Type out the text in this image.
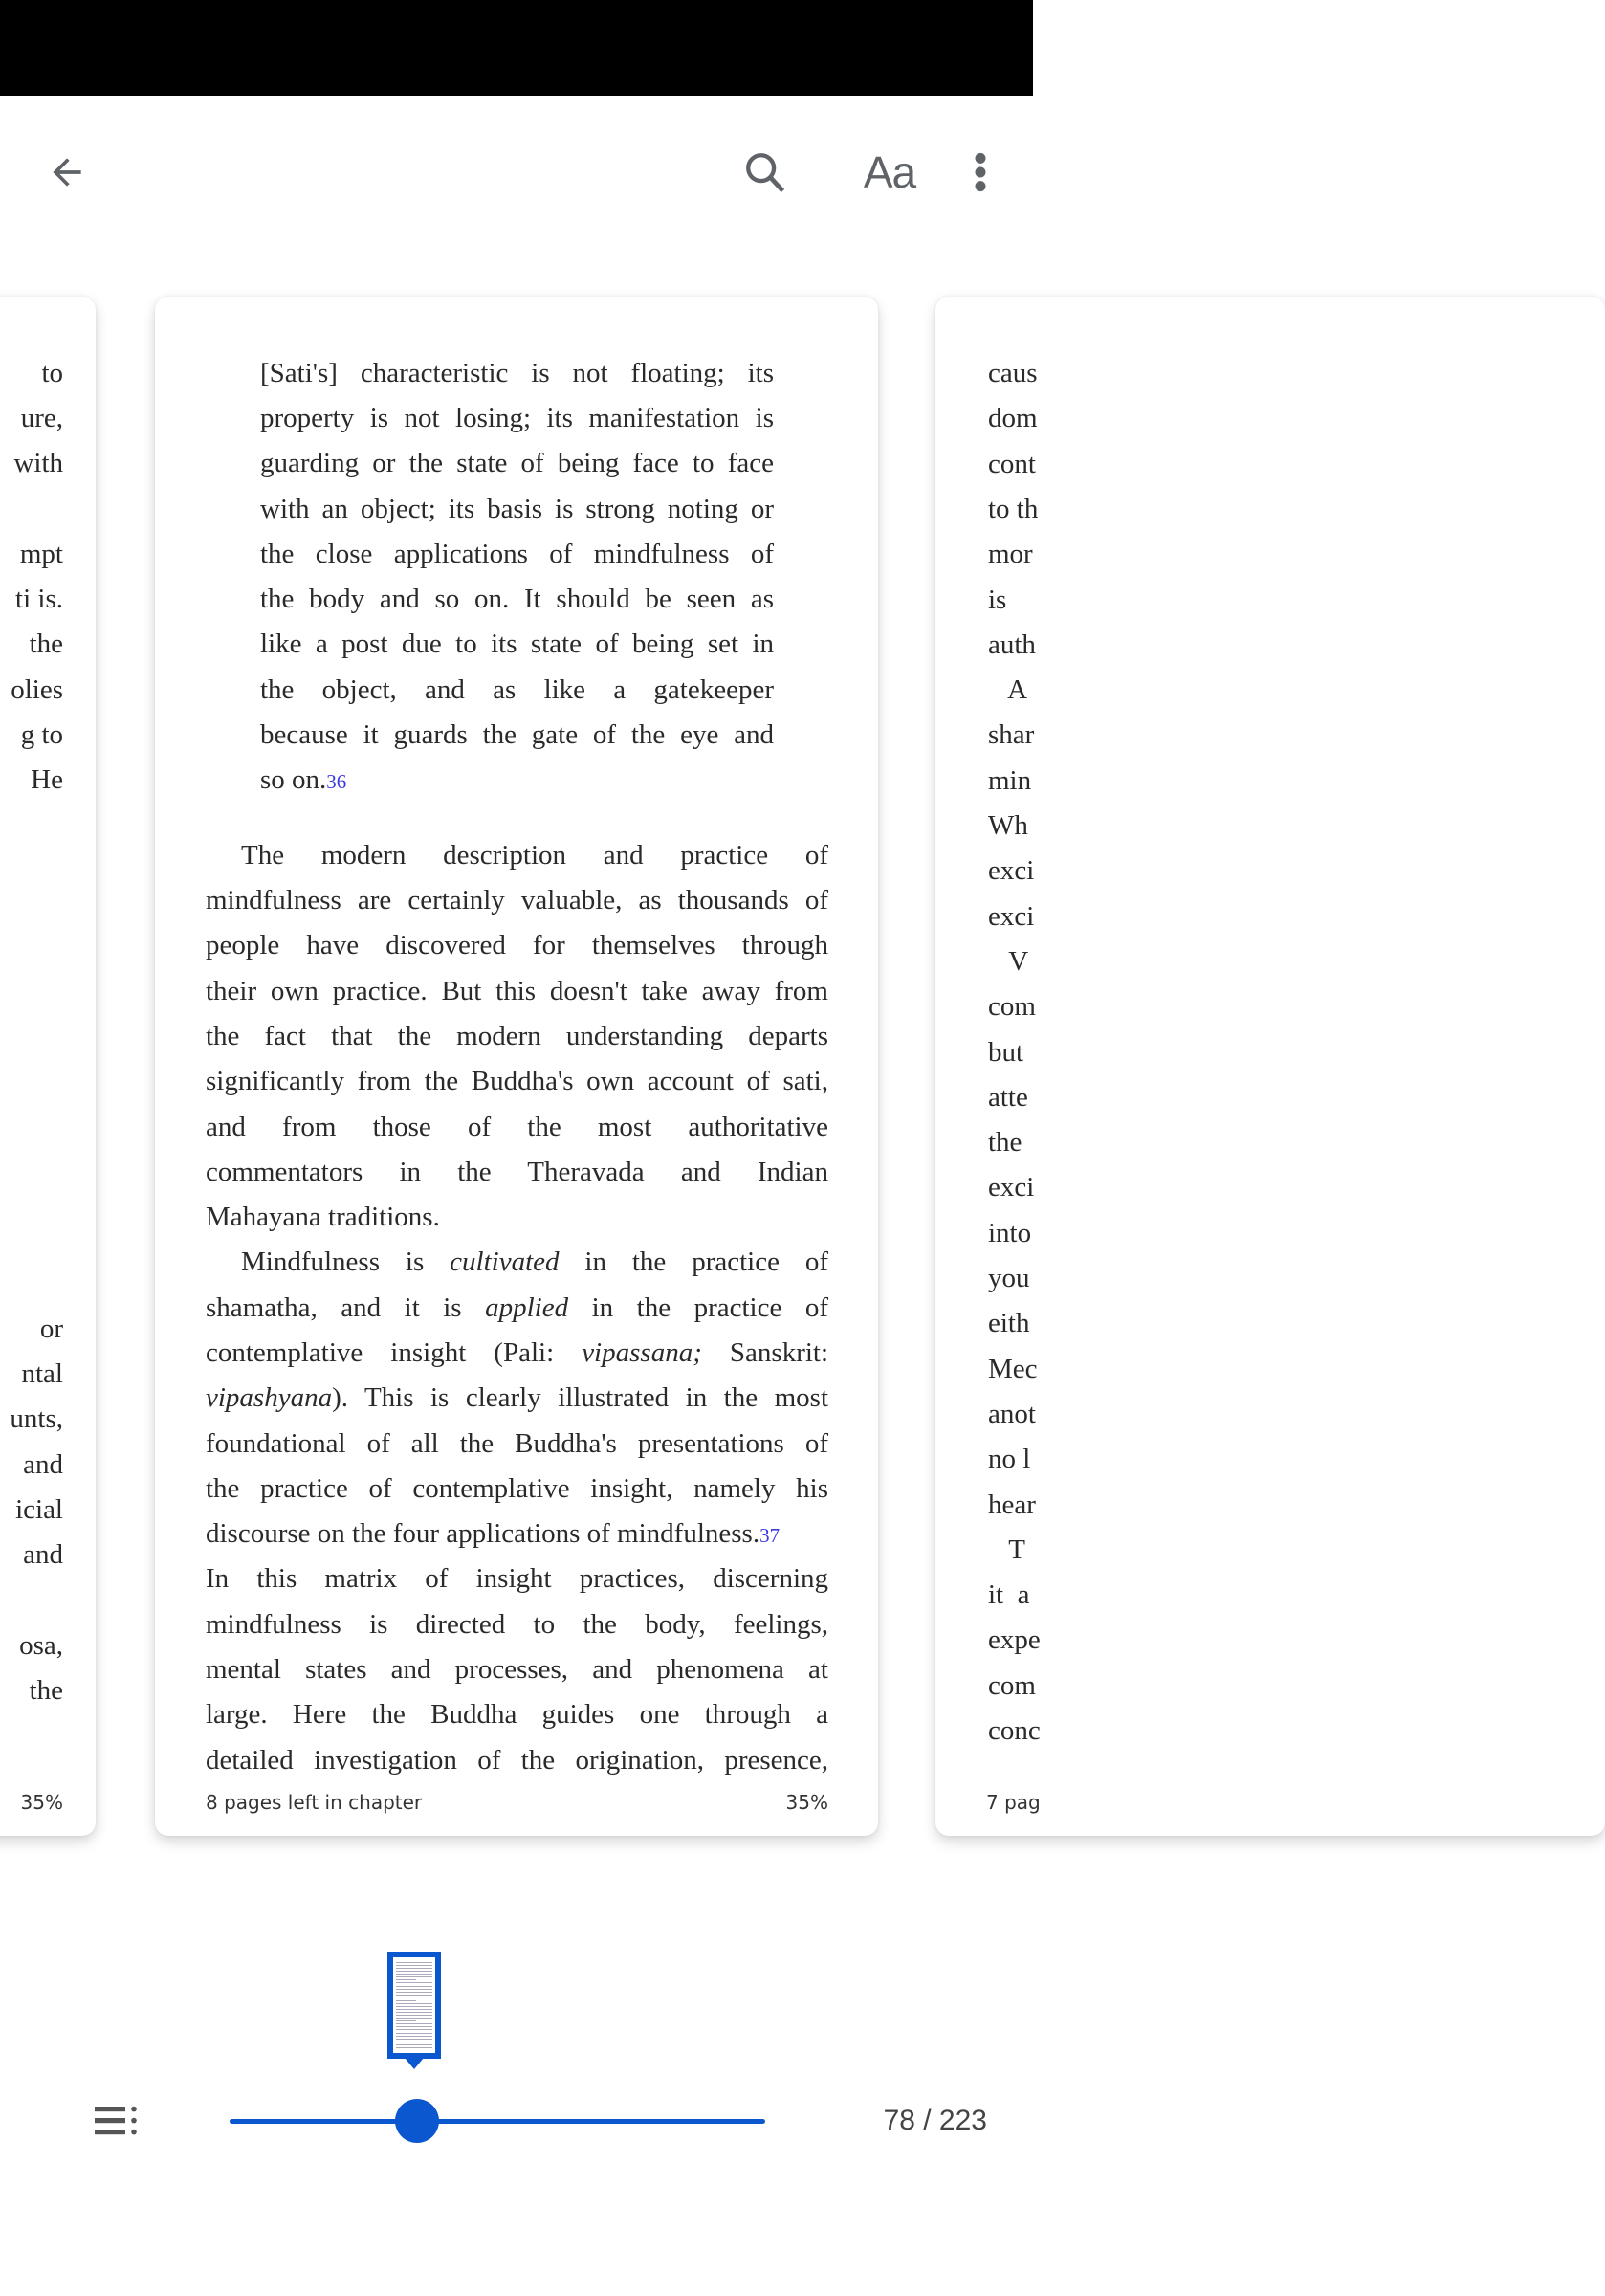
Aa
to
ure,
with
mpt
ti is.
the
olies
g to
He
or
ntal
unts,
and
icial
and
osa,
the
35%
[Sati's] characteristic is not floating; its
property is not losing; its manifestation is
guarding or the state of being face to face
with an object; its basis is strong noting or
the close applications of mindfulness of
the body and so on. It should be seen as
like a post due to its state of being set in
the object, and as like a gatekeeper
because it guards the gate of the eye and
so on.36
The modern description and practice of
mindfulness are certainly valuable, as thousands of
people have discovered for themselves through
their own practice. But this doesn't take away from
the fact that the modern understanding departs
significantly from the Buddha's own account of sati,
and from those of the most authoritative
commentators in the Theravada and Indian
Mahayana traditions.
Mindfulness is cultivated in the practice of
shamatha, and it is applied in the practice of
contemplative insight (Pali: vipassana; Sanskrit:
vipashyana). This is clearly illustrated in the most
foundational of all the Buddha's presentations of
the practice of contemplative insight, namely his
discourse on the four applications of mindfulness.37
In this matrix of insight practices, discerning
mindfulness is directed to the body, feelings,
mental states and processes, and phenomena at
large. Here the Buddha guides one through a
detailed investigation of the origination, presence,
8 pages left in chapter	35%
caus
dom
cont
to th
mor
is
auth
A
shar
min
Wh
exci
exci
V
com
but
atte
the
exci
into
you
eith
Mec
anot
no l
hear
T
it  a
expe
com
conc
7 pag
78 / 223
